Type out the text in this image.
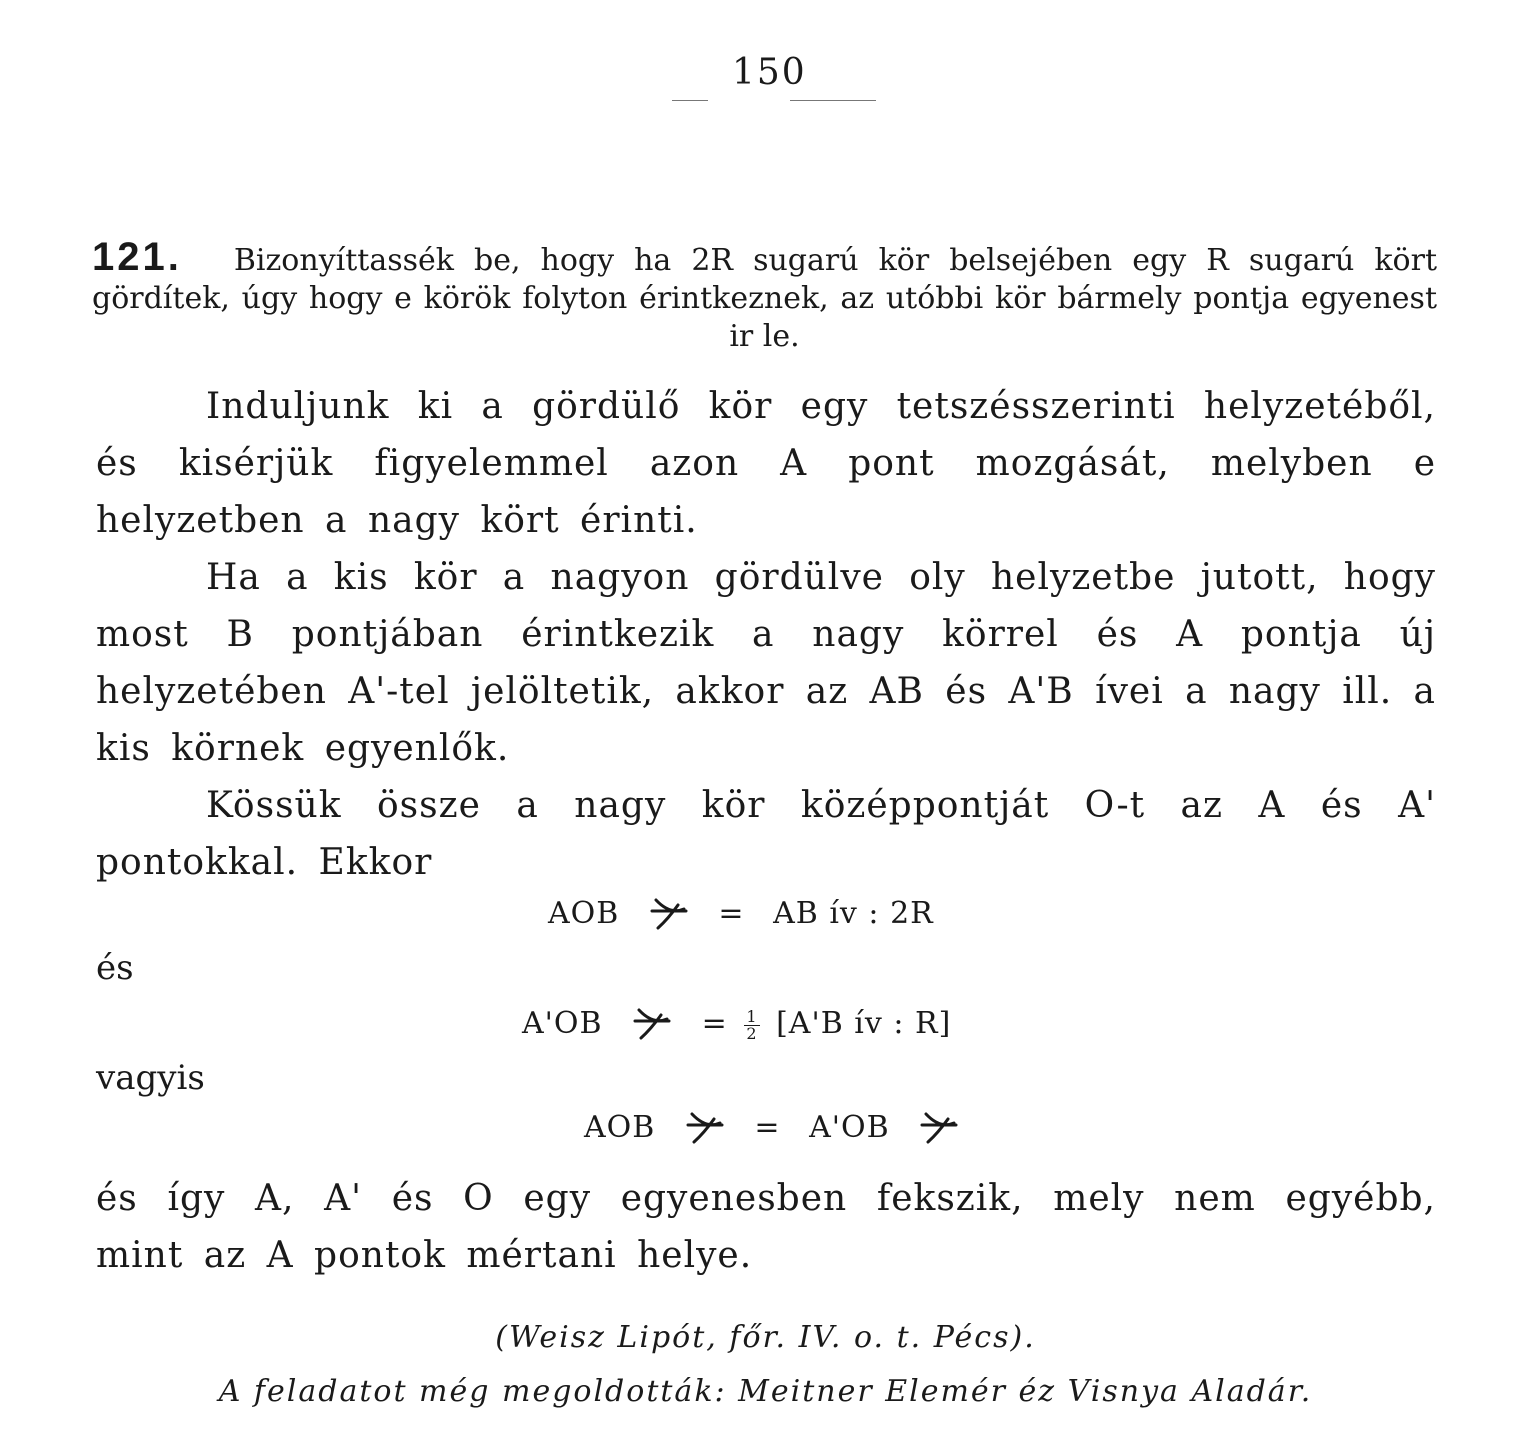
150
121. Bizonyíttassék be, hogy ha 2R sugarú kör belsejében egy R sugarú kört gördítek, úgy hogy e körök folyton érintkeznek, az utóbbi kör bármely pontja egyenest ir le.

Induljunk ki a gördülő kör egy tetszésszerinti helyzetéből, és kisérjük figyelemmel azon A pont mozgását, melyben e helyzetben a nagy kört érinti.

Ha a kis kör a nagyon gördülve oly helyzetbe jutott, hogy most B pontjában érintkezik a nagy körrel és A pontja új helyzetében A'-tel jelöltetik, akkor az AB és A'B ívei a nagy ill. a kis körnek egyenlők.

Kössük össze a nagy kör középpontját O-t az A és A' pontokkal. Ekkor

AOB	= AB ív : 2R
és
A'OB	= $\frac{1}{2} [A'B$ ív : R]
vagyis
AOB	= A'OB

és így A, A' és O egy egyenesben fekszik, mely nem egyébb, mint az A pontok mértani helye.

(Weisz Lipót, főr. IV. o. t. Pécs).
A feladatot még megoldották: Meitner Elemér éz Visnya Aladár.
